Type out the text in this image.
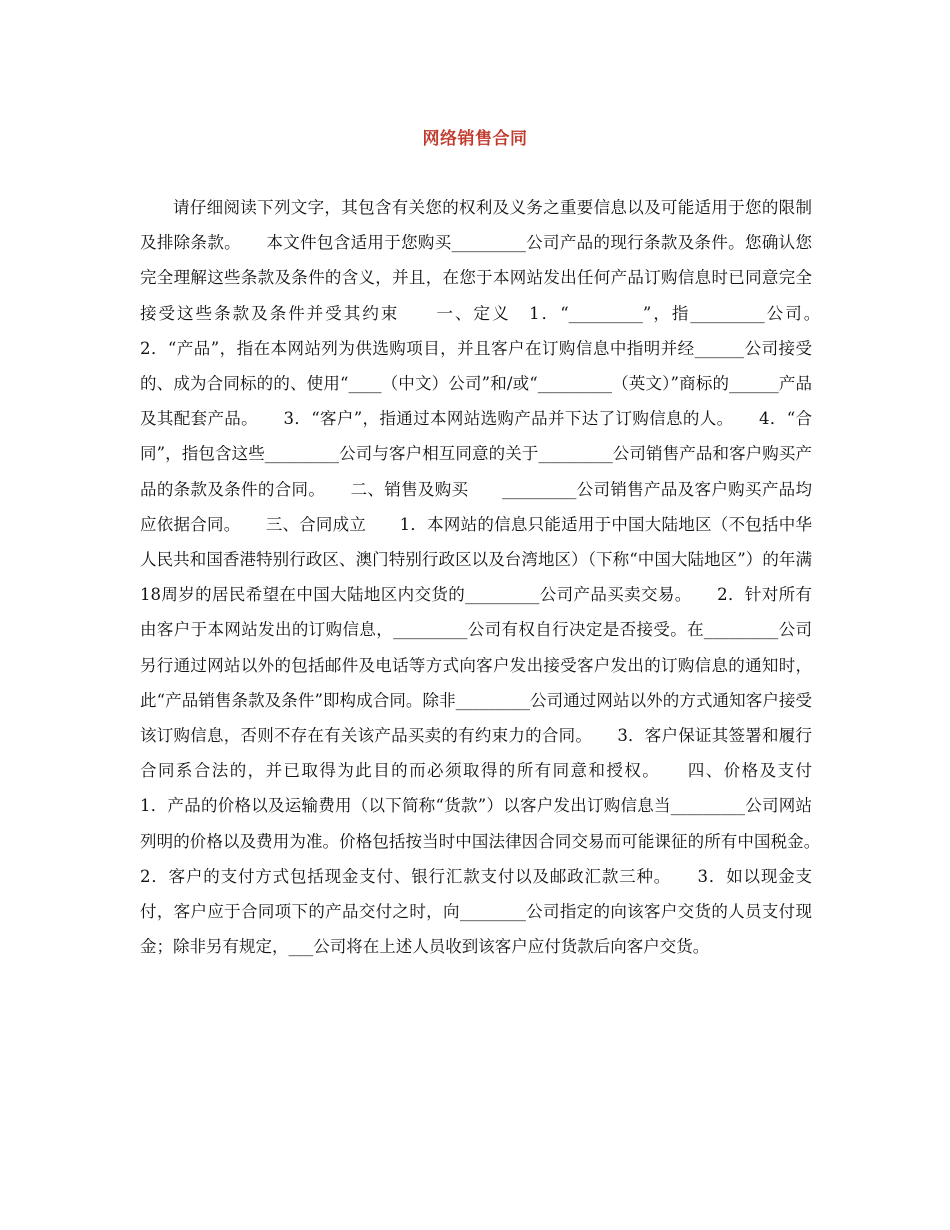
网络销售合同

请仔细阅读下列文字，其包含有关您的权利及义务之重要信息以及可能适用于您的限制及排除条款。　　本文件包含适用于您购买_________公司产品的现行条款及条件。您确认您完全理解这些条款及条件的含义，并且，在您于本网站发出任何产品订购信息时已同意完全接受这些条款及条件并受其约束　　一、定义　1．“_________”，指_________公司。　　2．“产品”，指在本网站列为供选购项目，并且客户在订购信息中指明并经______公司接受的、成为合同标的的、使用“____（中文）公司”和/或“_________（英文）”商标的______产品及其配套产品。　　3．“客户”，指通过本网站选购产品并下达了订购信息的人。　　4．“合同”，指包含这些_________公司与客户相互同意的关于_________公司销售产品和客户购买产品的条款及条件的合同。　　二、销售及购买　　_________公司销售产品及客户购买产品均应依据合同。　　三、合同成立　　1．本网站的信息只能适用于中国大陆地区（不包括中华人民共和国香港特别行政区、澳门特别行政区以及台湾地区）（下称“中国大陆地区”）的年满18周岁的居民希望在中国大陆地区内交货的_________公司产品买卖交易。　　2．针对所有由客户于本网站发出的订购信息，_________公司有权自行决定是否接受。在_________公司另行通过网站以外的包括邮件及电话等方式向客户发出接受客户发出的订购信息的通知时，此“产品销售条款及条件”即构成合同。除非_________公司通过网站以外的方式通知客户接受该订购信息，否则不存在有关该产品买卖的有约束力的合同。　　3．客户保证其签署和履行合同系合法的，并已取得为此目的而必须取得的所有同意和授权。　　四、价格及支付　　1．产品的价格以及运输费用（以下简称“货款”）以客户发出订购信息当_________公司网站列明的价格以及费用为准。价格包括按当时中国法律因合同交易而可能课征的所有中国税金。　　2．客户的支付方式包括现金支付、银行汇款支付以及邮政汇款三种。　　3．如以现金支付，客户应于合同项下的产品交付之时，向________公司指定的向该客户交货的人员支付现金；除非另有规定，___公司将在上述人员收到该客户应付货款后向客户交货。
